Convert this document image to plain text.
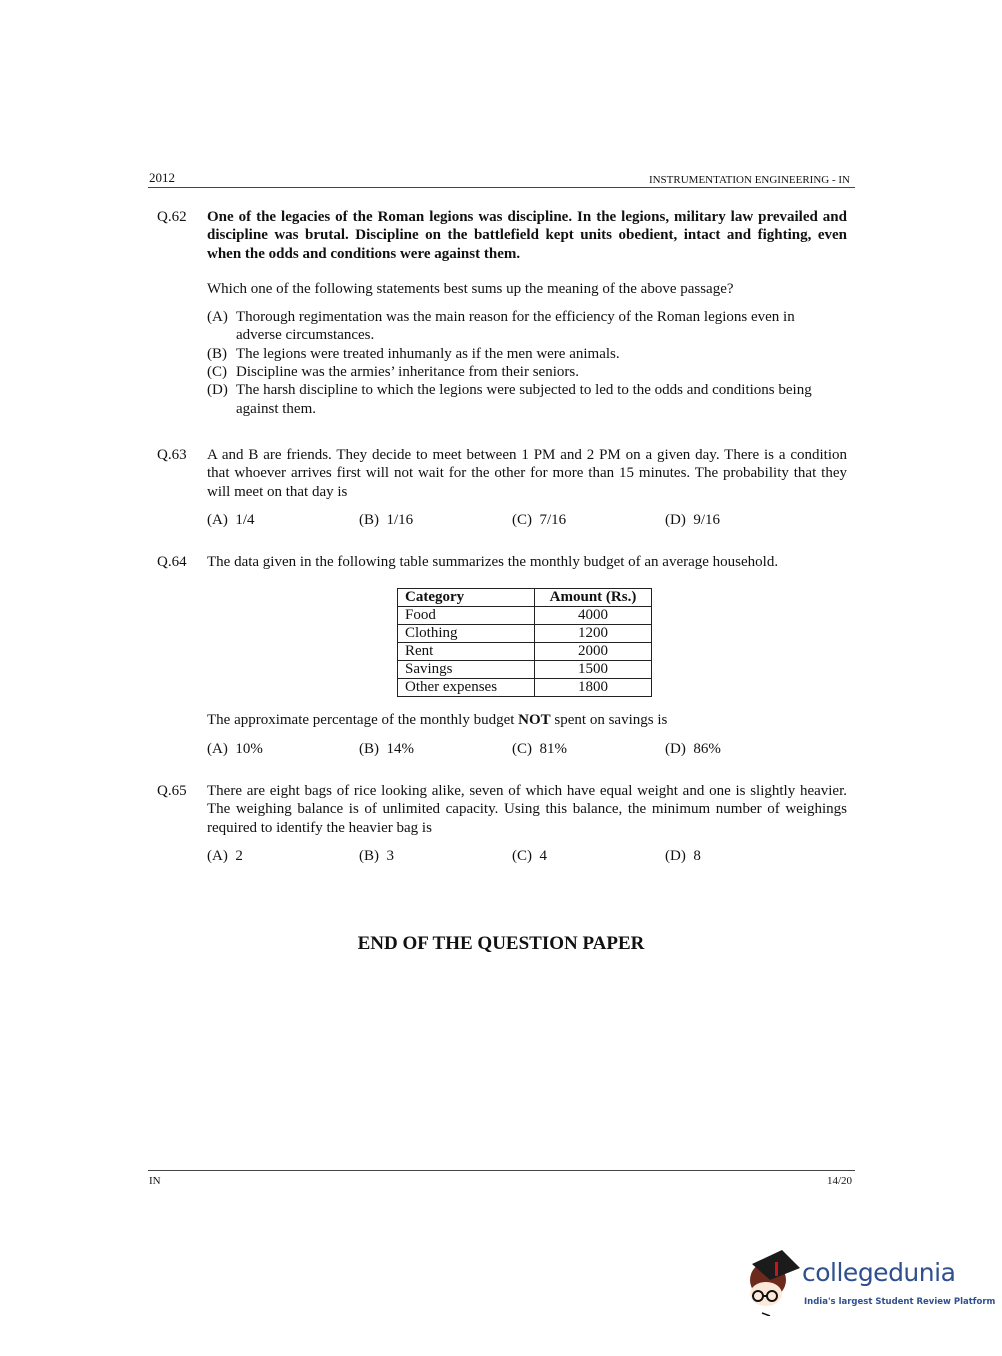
2012	INSTRUMENTATION ENGINEERING - IN
Q.62	One of the legacies of the Roman legions was discipline. In the legions, military law prevailed and discipline was brutal. Discipline on the battlefield kept units obedient, intact and fighting, even when the odds and conditions were against them.
Which one of the following statements best sums up the meaning of the above passage?
(A) Thorough regimentation was the main reason for the efficiency of the Roman legions even in adverse circumstances.
(B) The legions were treated inhumanly as if the men were animals.
(C) Discipline was the armies’ inheritance from their seniors.
(D) The harsh discipline to which the legions were subjected to led to the odds and conditions being against them.
Q.63	A and B are friends. They decide to meet between 1 PM and 2 PM on a given day. There is a condition that whoever arrives first will not wait for the other for more than 15 minutes. The probability that they will meet on that day is
(A) 1/4	(B) 1/16	(C) 7/16	(D) 9/16
Q.64	The data given in the following table summarizes the monthly budget of an average household.
Category	Amount (Rs.)
Food	4000
Clothing	1200
Rent	2000
Savings	1500
Other expenses	1800
The approximate percentage of the monthly budget NOT spent on savings is
(A) 10%	(B) 14%	(C) 81%	(D) 86%
Q.65	There are eight bags of rice looking alike, seven of which have equal weight and one is slightly heavier. The weighing balance is of unlimited capacity. Using this balance, the minimum number of weighings required to identify the heavier bag is
(A) 2	(B) 3	(C) 4	(D) 8
END OF THE QUESTION PAPER
IN	14/20
collegedunia
India's largest Student Review Platform
